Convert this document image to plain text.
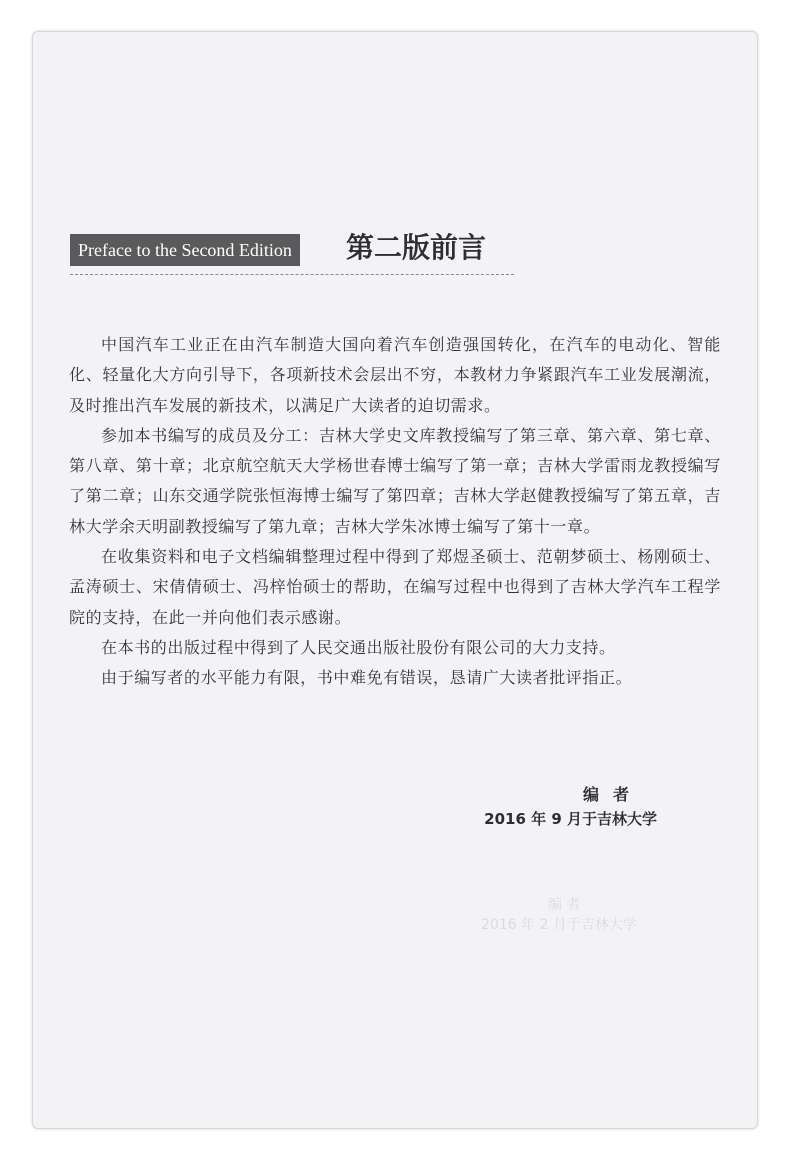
Preface to the Second Edition 第二版前言

中国汽车工业正在由汽车制造大国向着汽车创造强国转化，在汽车的电动化、智能化、轻量化大方向引导下，各项新技术会层出不穷，本教材力争紧跟汽车工业发展潮流，及时推出汽车发展的新技术，以满足广大读者的迫切需求。

参加本书编写的成员及分工：吉林大学史文库教授编写了第三章、第六章、第七章、第八章、第十章；北京航空航天大学杨世春博士编写了第一章；吉林大学雷雨龙教授编写了第二章；山东交通学院张恒海博士编写了第四章；吉林大学赵健教授编写了第五章，吉林大学余天明副教授编写了第九章；吉林大学朱冰博士编写了第十一章。

在收集资料和电子文档编辑整理过程中得到了郑煜圣硕士、范朝梦硕士、杨刚硕士、孟涛硕士、宋倩倩硕士、冯梓怡硕士的帮助，在编写过程中也得到了吉林大学汽车工程学院的支持，在此一并向他们表示感谢。

在本书的出版过程中得到了人民交通出版社股份有限公司的大力支持。

由于编写者的水平能力有限，书中难免有错误，恳请广大读者批评指正。

编者
2016 年 9 月于吉林大学
编 者
2016 年 2 月于吉林大学
